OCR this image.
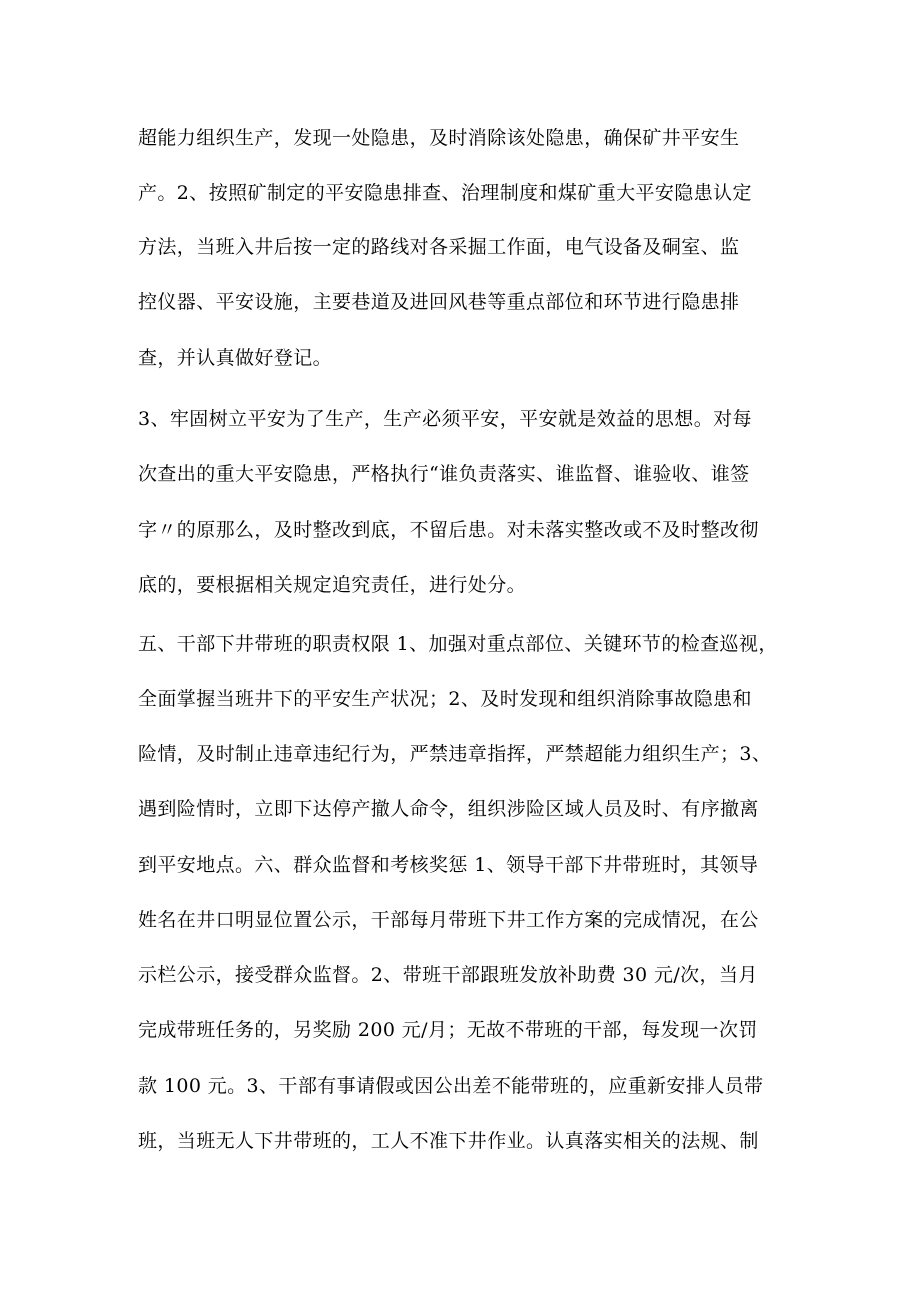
超能力组织生产，发现一处隐患，及时消除该处隐患，确保矿井平安生
产。2、按照矿制定的平安隐患排查、治理制度和煤矿重大平安隐患认定
方法，当班入井后按一定的路线对各采掘工作面，电气设备及硐室、监
控仪器、平安设施，主要巷道及进回风巷等重点部位和环节进行隐患排
查，并认真做好登记。
3、牢固树立平安为了生产，生产必须平安，平安就是效益的思想。对每
次查出的重大平安隐患，严格执行“谁负责落实、谁监督、谁验收、谁签
字〃的原那么，及时整改到底，不留后患。对未落实整改或不及时整改彻
底的，要根据相关规定追究责任，进行处分。
五、干部下井带班的职责权限 1、加强对重点部位、关键环节的检查巡视，
全面掌握当班井下的平安生产状况；2、及时发现和组织消除事故隐患和
险情，及时制止违章违纪行为，严禁违章指挥，严禁超能力组织生产；3、
遇到险情时，立即下达停产撤人命令，组织涉险区域人员及时、有序撤离
到平安地点。六、群众监督和考核奖惩 1、领导干部下井带班时，其领导
姓名在井口明显位置公示，干部每月带班下井工作方案的完成情况，在公
示栏公示，接受群众监督。2、带班干部跟班发放补助费 30 元/次，当月
完成带班任务的，另奖励 200 元/月；无故不带班的干部，每发现一次罚
款 100 元。3、干部有事请假或因公出差不能带班的，应重新安排人员带
班，当班无人下井带班的，工人不准下井作业。认真落实相关的法规、制
